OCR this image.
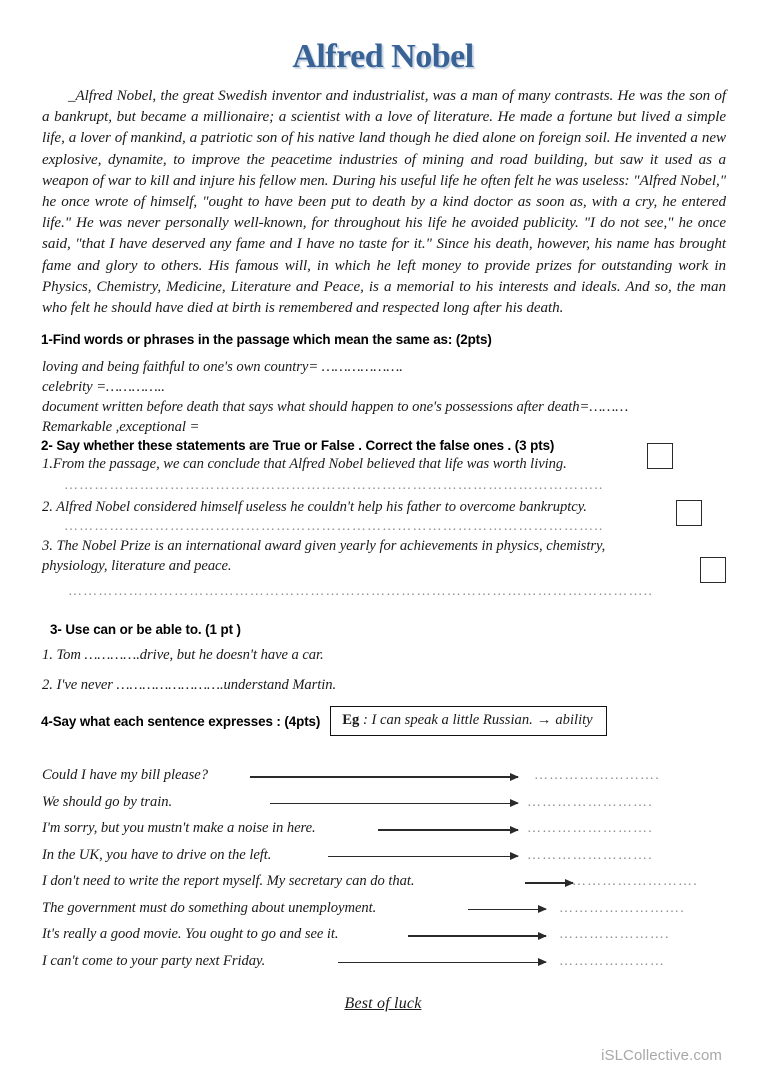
Alfred Nobel

_Alfred Nobel, the great Swedish inventor and industrialist, was a man of many contrasts. He was the son of a bankrupt, but became a millionaire; a scientist with a love of literature. He made a fortune but lived a simple life, a lover of mankind, a patriotic son of his native land though he died alone on foreign soil. He invented a new explosive, dynamite, to improve the peacetime industries of mining and road building, but saw it used as a weapon of war to kill and injure his fellow men. During his useful life he often felt he was useless: "Alfred Nobel," he once wrote of himself, "ought to have been put to death by a kind doctor as soon as, with a cry, he entered life." He was never personally well-known, for throughout his life he avoided publicity. "I do not see," he once said, "that I have deserved any fame and I have no taste for it." Since his death, however, his name has brought fame and glory to others. His famous will, in which he left money to provide prizes for outstanding work in Physics, Chemistry, Medicine, Literature and Peace, is a memorial to his interests and ideals. And so, the man who felt he should have died at birth is remembered and respected long after his death.

1-Find words or phrases in the passage which mean the same as: (2pts)
loving and being faithful to one's own country= ……………….
celebrity =…………..
document written before death that says what should happen to one's possessions after death=………
Remarkable ,exceptional =
2- Say whether these statements are True or False . Correct the false ones . (3 pts)
1.From the passage, we can conclude that Alfred Nobel believed that life was worth living.
……………………………………………………………………………………………..
2. Alfred Nobel considered himself useless he couldn't help his father to overcome bankruptcy.
……………………………………………………………………………………………..
3. The Nobel Prize is an international award given yearly for achievements in physics, chemistry, physiology, literature and peace.
……………………………………………………………………………………………………..
3- Use can or be able to. (1 pt )
1. Tom ………….drive, but he doesn't have a car.
2. I've never …………………….understand Martin.
4-Say what each sentence expresses : (4pts)	Eg : I can speak a little Russian. → ability
Could I have my bill please?	…………………….
We should go by train.	…………………….
I'm sorry, but you mustn't make a noise in here.	…………………….
In the UK, you have to drive on the left.	…………………….
I don't need to write the report myself. My secretary can do that.	…………………….
The government must do something about unemployment.	…………………….
It's really a good movie. You ought to go and see it.	………………….
I can't come to your party next Friday.	…………………
Best of luck
iSLCollective.com
